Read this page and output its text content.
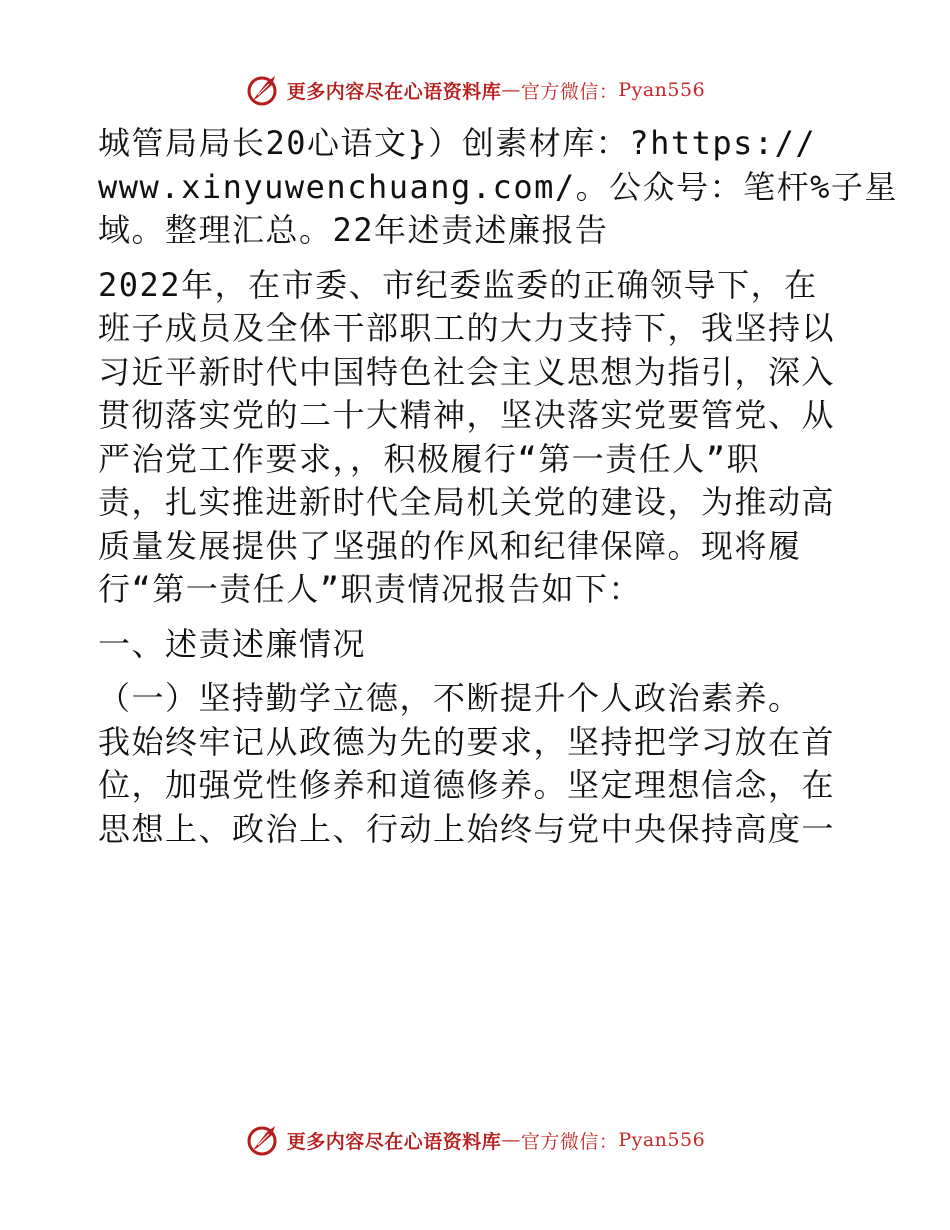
更多内容尽在心语资料库 — 官方微信： Pyan556
城管局局长20心语文}）创素材库：?https://
www.xinyuwenchuang.com/。公众号：笔杆%子星
域。整理汇总。22年述责述廉报告
2022年，在市委、市纪委监委的正确领导下，在
班子成员及全体干部职工的大力支持下，我坚持以
习近平新时代中国特色社会主义思想为指引，深入
贯彻落实党的二十大精神，坚决落实党要管党、从
严治党工作要求，，积极履行“第一责任人”职
责，扎实推进新时代全局机关党的建设，为推动高
质量发展提供了坚强的作风和纪律保障。现将履
行“第一责任人”职责情况报告如下：
一、述责述廉情况
（一）坚持勤学立德，不断提升个人政治素养。
我始终牢记从政德为先的要求，坚持把学习放在首
位，加强党性修养和道德修养。坚定理想信念，在
思想上、政治上、行动上始终与党中央保持高度一
更多内容尽在心语资料库 — 官方微信： Pyan556
